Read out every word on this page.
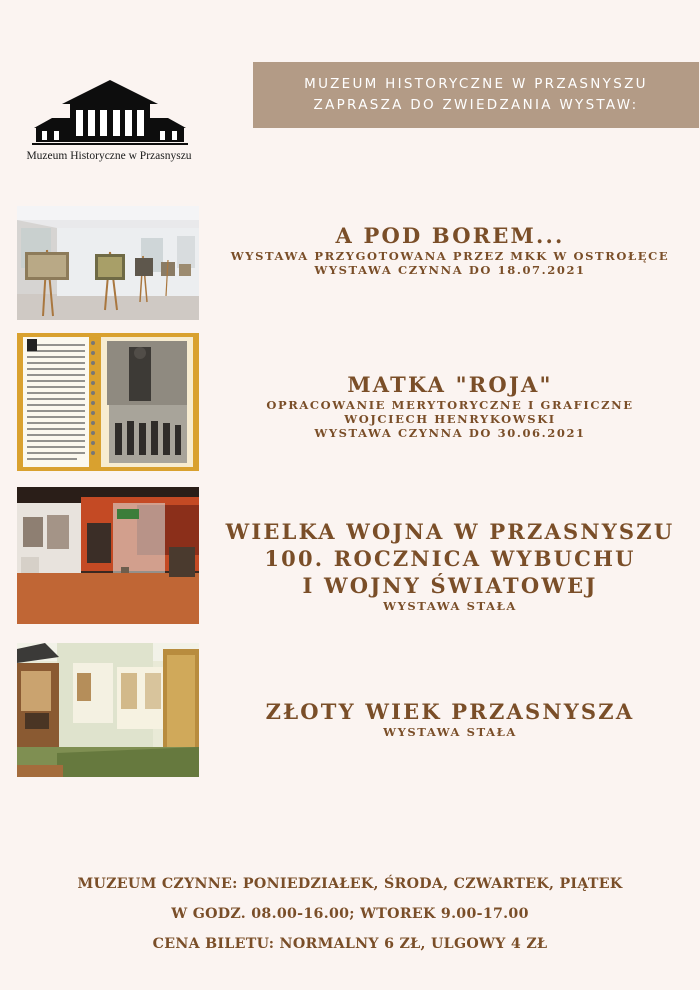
Muzeum Historyczne w Przasnyszu
MUZEUM HISTORYCZNE W PRZASNYSZU
ZAPRASZA DO ZWIEDZANIA WYSTAW:
A POD BOREM...
WYSTAWA PRZYGOTOWANA PRZEZ MKK W OSTROŁĘCE
WYSTAWA CZYNNA DO 18.07.2021
MATKA "ROJA"
OPRACOWANIE MERYTORYCZNE I GRAFICZNE
WOJCIECH HENRYKOWSKI
WYSTAWA CZYNNA DO 30.06.2021
WIELKA WOJNA W PRZASNYSZU
100. ROCZNICA WYBUCHU
I WOJNY ŚWIATOWEJ
WYSTAWA STAŁA
ZŁOTY WIEK PRZASNYSZA
WYSTAWA STAŁA
MUZEUM CZYNNE: PONIEDZIAŁEK, ŚRODA, CZWARTEK, PIĄTEK
W GODZ. 08.00-16.00; WTOREK 9.00-17.00
CENA BILETU: NORMALNY 6 ZŁ, ULGOWY 4 ZŁ
